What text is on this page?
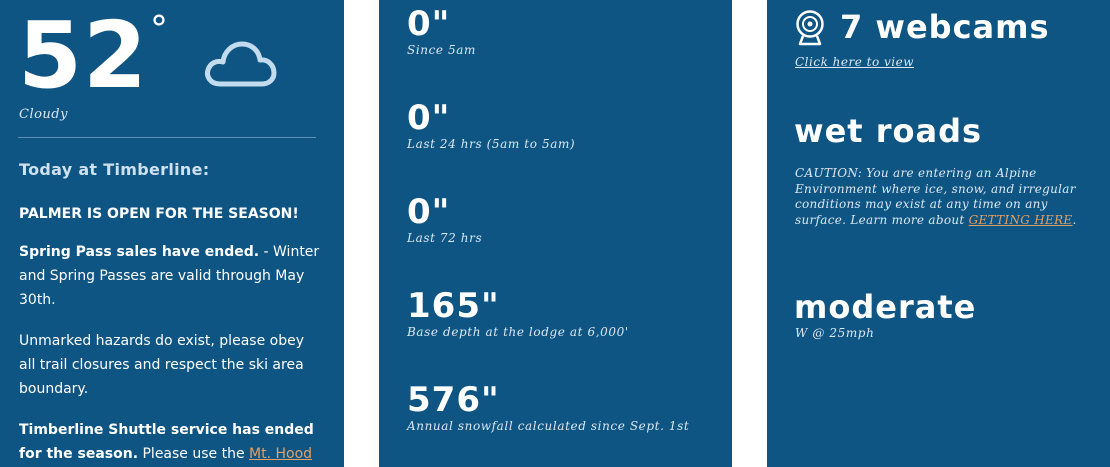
52 °
Cloudy
Today at Timberline:

PALMER IS OPEN FOR THE SEASON!

Spring Pass sales have ended. - Winter and Spring Passes are valid through May 30th.

Unmarked hazards do exist, please obey all trail closures and respect the ski area boundary.

Timberline Shuttle service has ended for the season. Please use the Mt. Hood

0"
Since 5am
0"
Last 24 hrs (5am to 5am)
0"
Last 72 hrs
165"
Base depth at the lodge at 6,000'
576"
Annual snowfall calculated since Sept. 1st
7 webcams
Click here to view
wet roads
CAUTION: You are entering an Alpine Environment where ice, snow, and irregular conditions may exist at any time on any surface. Learn more about GETTING HERE.
moderate
W @ 25mph
